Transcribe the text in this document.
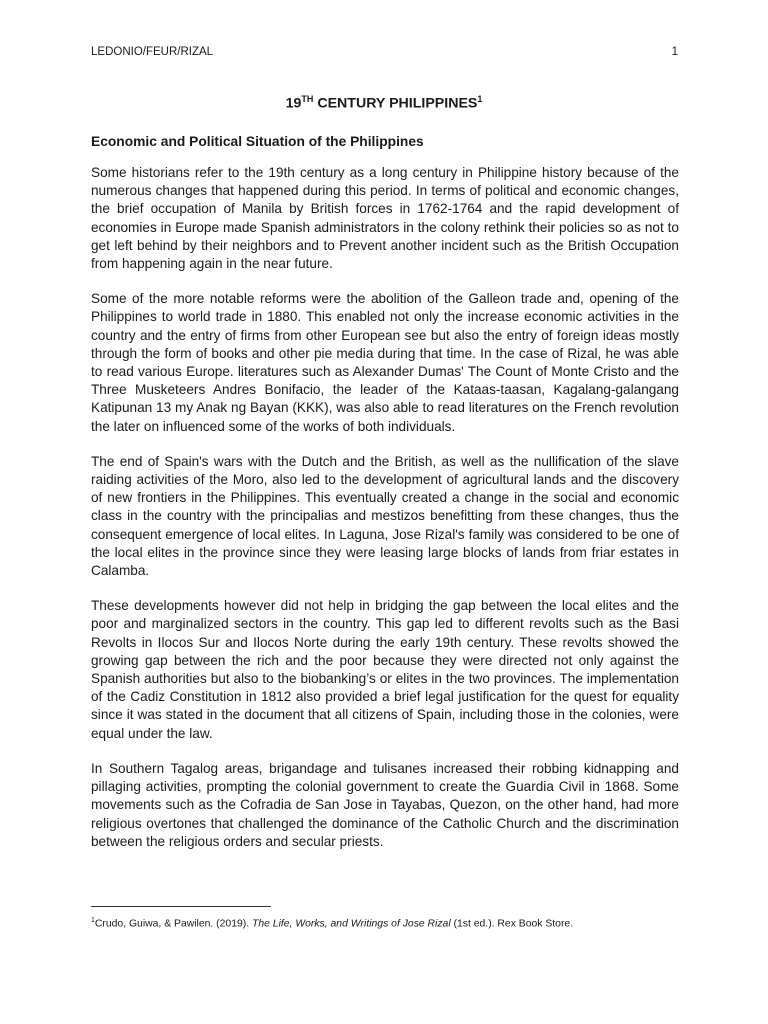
LEDONIO/FEUR/RIZAL	1
19TH CENTURY PHILIPPINES$^1$
Economic and Political Situation of the Philippines

Some historians refer to the 19th century as a long century in Philippine history because of the numerous changes that happened during this period. In terms of political and economic changes, the brief occupation of Manila by British forces in 1762-1764 and the rapid development of economies in Europe made Spanish administrators in the colony rethink their policies so as not to get left behind by their neighbors and to Prevent another incident such as the British Occupation from happening again in the near future.

Some of the more notable reforms were the abolition of the Galleon trade and, opening of the Philippines to world trade in 1880. This enabled not only the increase economic activities in the country and the entry of firms from other European see but also the entry of foreign ideas mostly through the form of books and other pie media during that time. In the case of Rizal, he was able to read various Europe. literatures such as Alexander Dumas' The Count of Monte Cristo and the Three Musketeers Andres Bonifacio, the leader of the Kataas-taasan, Kagalang-galangang Katipunan 13 my Anak ng Bayan (KKK), was also able to read literatures on the French revolution the later on influenced some of the works of both individuals.

The end of Spain's wars with the Dutch and the British, as well as the nullification of the slave raiding activities of the Moro, also led to the development of agricultural lands and the discovery of new frontiers in the Philippines. This eventually created a change in the social and economic class in the country with the principalias and mestizos benefitting from these changes, thus the consequent emergence of local elites. In Laguna, Jose Rizal's family was considered to be one of the local elites in the province since they were leasing large blocks of lands from friar estates in Calamba.

These developments however did not help in bridging the gap between the local elites and the poor and marginalized sectors in the country. This gap led to different revolts such as the Basi Revolts in Ilocos Sur and Ilocos Norte during the early 19th century. These revolts showed the growing gap between the rich and the poor because they were directed not only against the Spanish authorities but also to the biobanking’s or elites in the two provinces. The implementation of the Cadiz Constitution in 1812 also provided a brief legal justification for the quest for equality since it was stated in the document that all citizens of Spain, including those in the colonies, were equal under the law.

In Southern Tagalog areas, brigandage and tulisanes increased their robbing kidnapping and pillaging activities, prompting the colonial government to create the Guardia Civil in 1868. Some movements such as the Cofradia de San Jose in Tayabas, Quezon, on the other hand, had more religious overtones that challenged the dominance of the Catholic Church and the discrimination between the religious orders and secular priests.

$^1$Crudo, Guiwa, & Pawilen. (2019). The Life, Works, and Writings of Jose Rizal (1st ed.). Rex Book Store.
